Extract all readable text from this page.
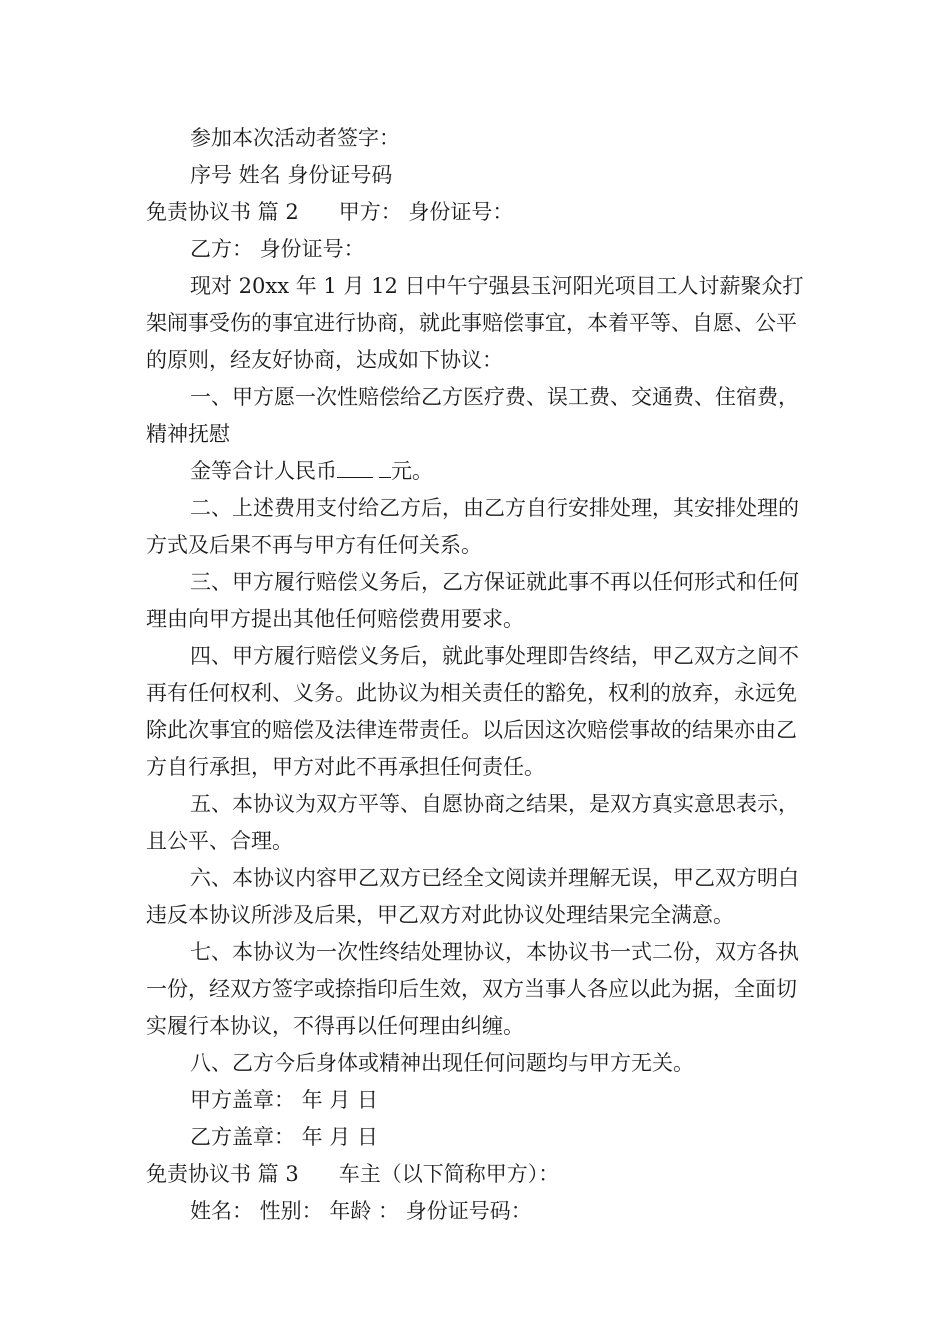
参加本次活动者签字：

序号 姓名 身份证号码

免责协议书 篇 2 甲方： 身份证号：

乙方： 身份证号：

现对 20xx 年 1 月 12 日中午宁强县玉河阳光项目工人讨薪聚众打架闹事受伤的事宜进行协商，就此事赔偿事宜，本着平等、自愿、公平的原则，经友好协商，达成如下协议：

一、甲方愿一次性赔偿给乙方医疗费、误工费、交通费、住宿费，精神抚慰

金等合计人民币	元。

二、上述费用支付给乙方后，由乙方自行安排处理，其安排处理的方式及后果不再与甲方有任何关系。

三、甲方履行赔偿义务后，乙方保证就此事不再以任何形式和任何理由向甲方提出其他任何赔偿费用要求。

四、甲方履行赔偿义务后，就此事处理即告终结，甲乙双方之间不再有任何权利、义务。此协议为相关责任的豁免，权利的放弃，永远免除此次事宜的赔偿及法律连带责任。以后因这次赔偿事故的结果亦由乙方自行承担，甲方对此不再承担任何责任。

五、本协议为双方平等、自愿协商之结果，是双方真实意思表示，且公平、合理。

六、本协议内容甲乙双方已经全文阅读并理解无误，甲乙双方明白违反本协议所涉及后果，甲乙双方对此协议处理结果完全满意。

七、本协议为一次性终结处理协议，本协议书一式二份，双方各执一份，经双方签字或捺指印后生效，双方当事人各应以此为据，全面切实履行本协议，不得再以任何理由纠缠。

八、乙方今后身体或精神出现任何问题均与甲方无关。

甲方盖章： 年 月 日

乙方盖章： 年 月 日

免责协议书 篇 3 车主（以下简称甲方）：

姓名： 性别： 年龄 ： 身份证号码：
